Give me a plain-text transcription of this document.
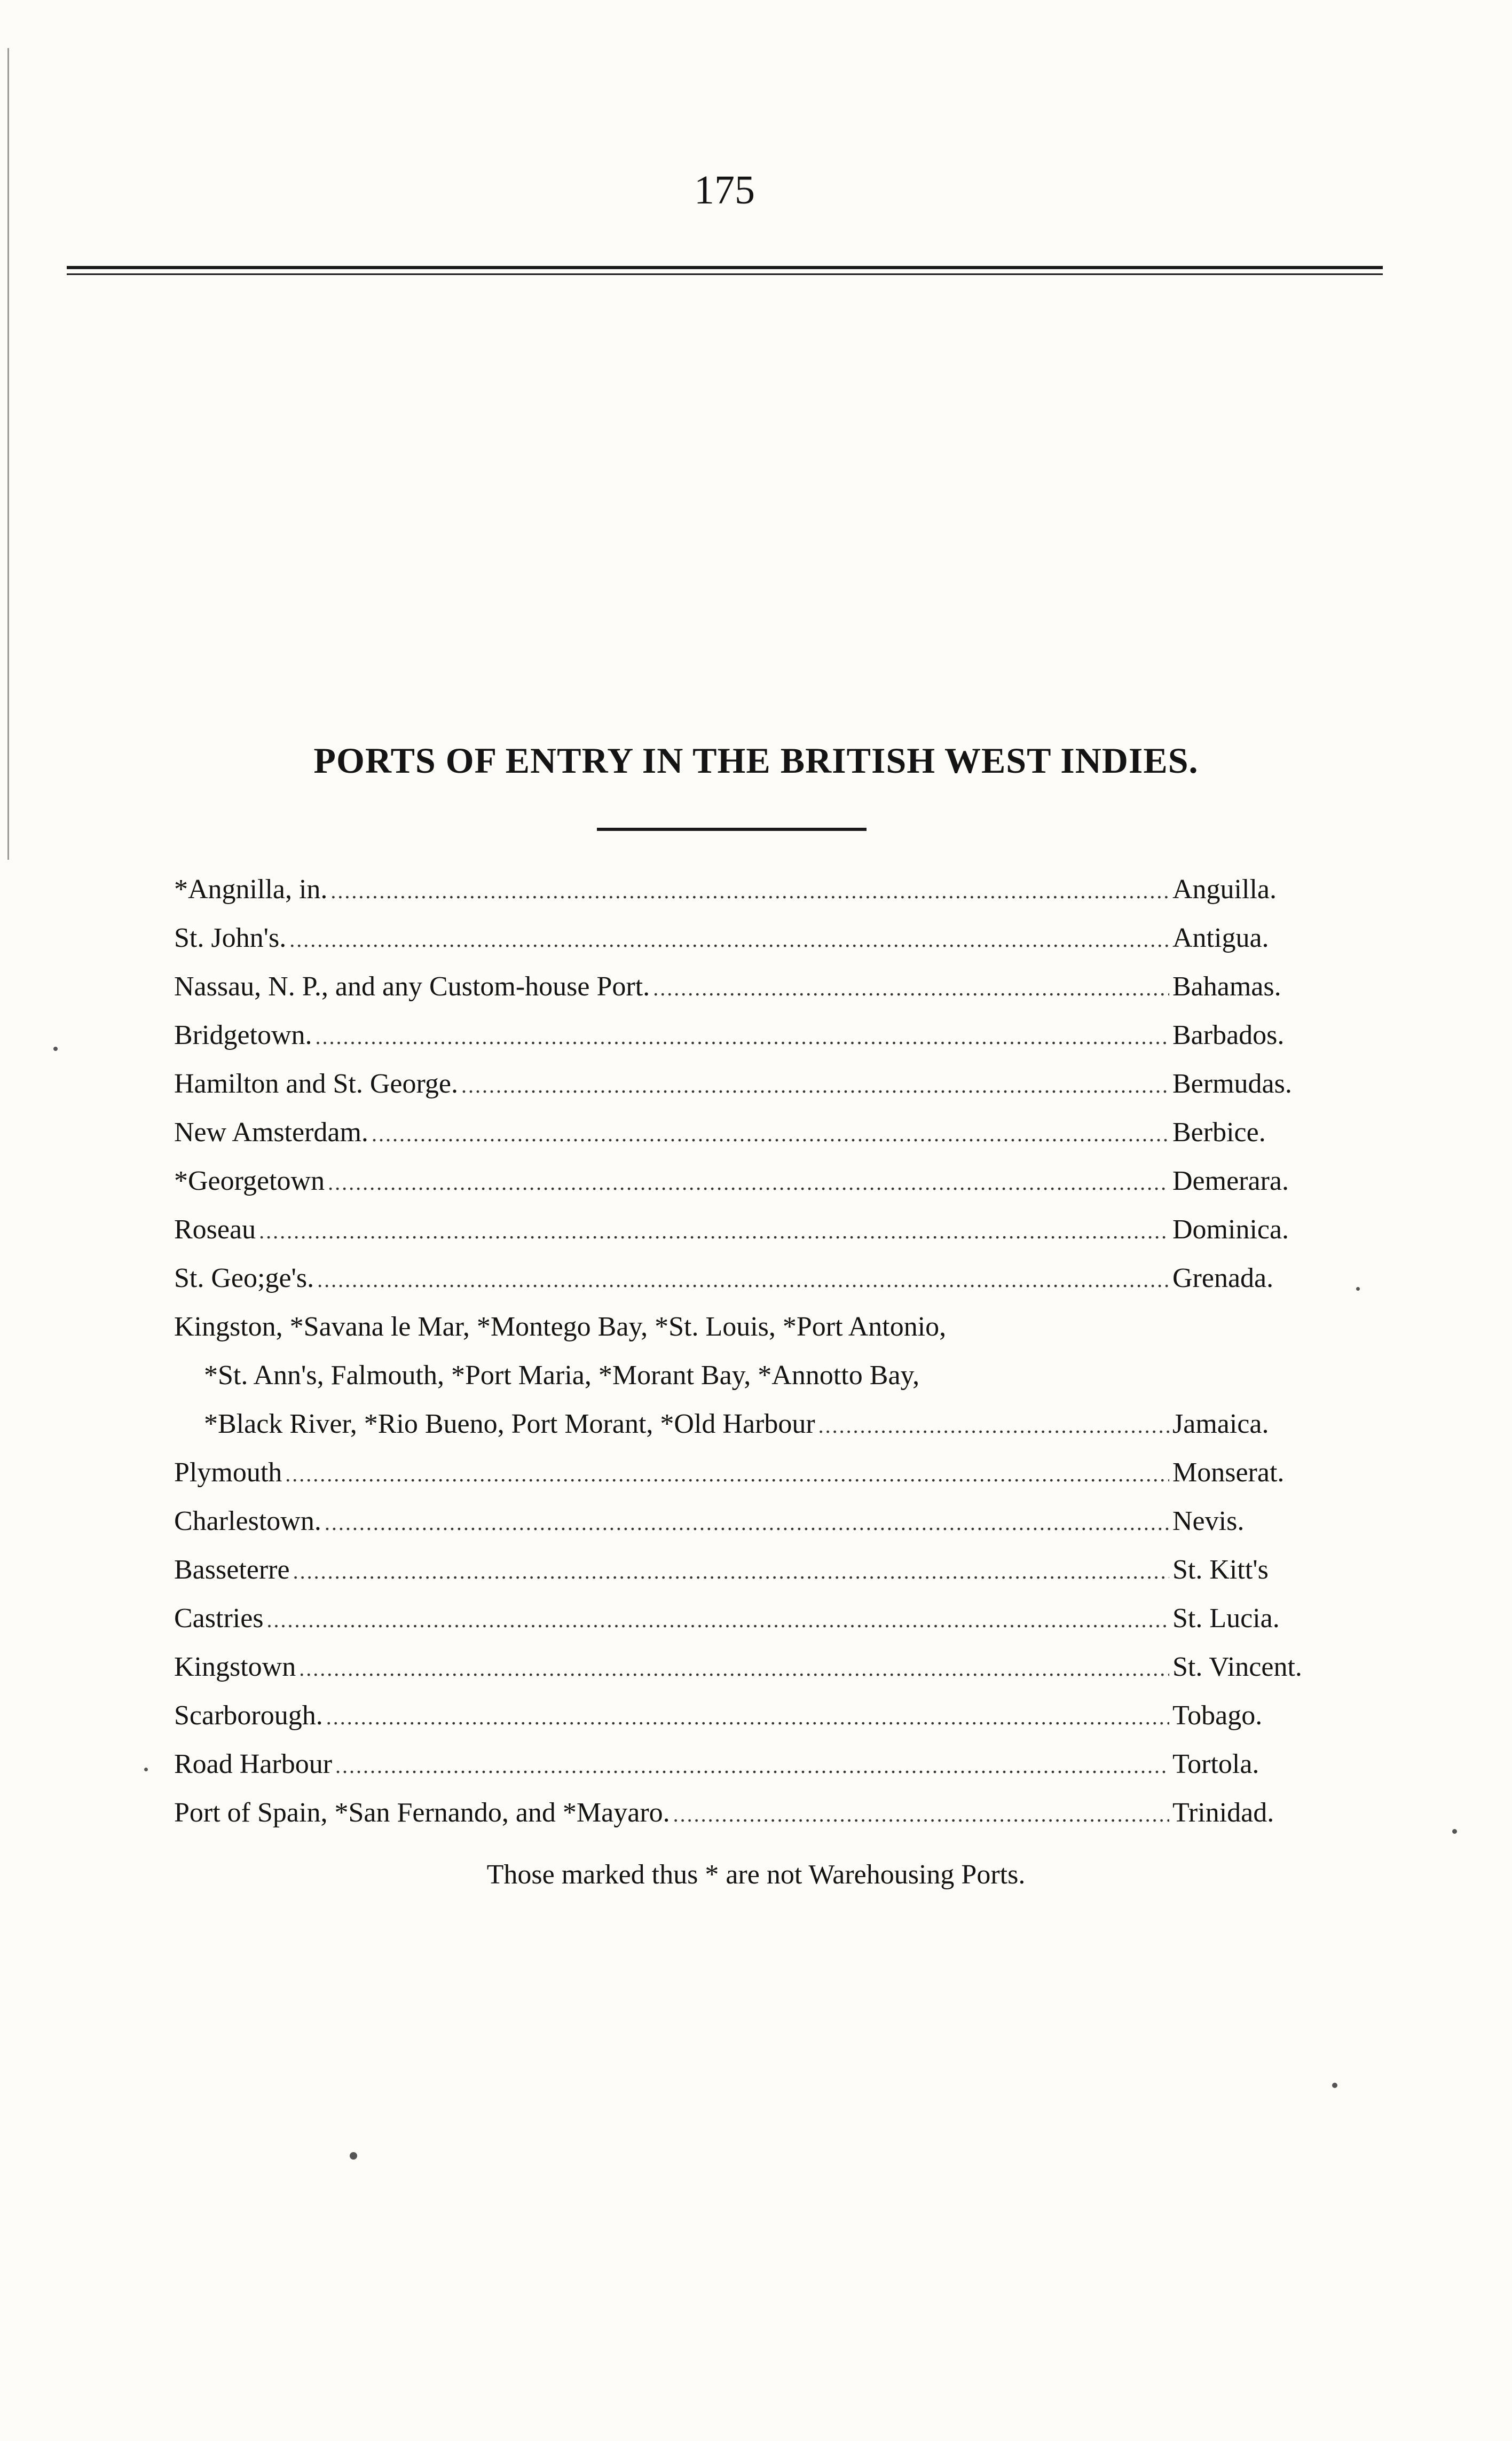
175
PORTS OF ENTRY IN THE BRITISH WEST INDIES.
*Angnilla, in. .....	Anguilla.
St. John's. .....	Antigua.
Nassau, N. P., and any Custom-house Port. .....	Bahamas.
Bridgetown. .....	Barbados.
Hamilton and St. George. .....	Bermudas.
New Amsterdam. .....	Berbice.
*Georgetown .....	Demerara.
Roseau .....	Dominica.
St. Geo;ge's. .....	Grenada.
Kingston, *Savana le Mar, *Montego Bay, *St. Louis, *Port Antonio,
*St. Ann's, Falmouth, *Port Maria, *Morant Bay, *Annotto Bay,
*Black River, *Rio Bueno, Port Morant, *Old Harbour .....	Jamaica.
Plymouth .....	Monserat.
Charlestown. .....	Nevis.
Basseterre .....	St. Kitt's
Castries .....	St. Lucia.
Kingstown .....	St. Vincent.
Scarborough. .....	Tobago.
Road Harbour .....	Tortola.
Port of Spain, *San Fernando, and *Mayaro. .....	Trinidad.
Those marked thus * are not Warehousing Ports.
